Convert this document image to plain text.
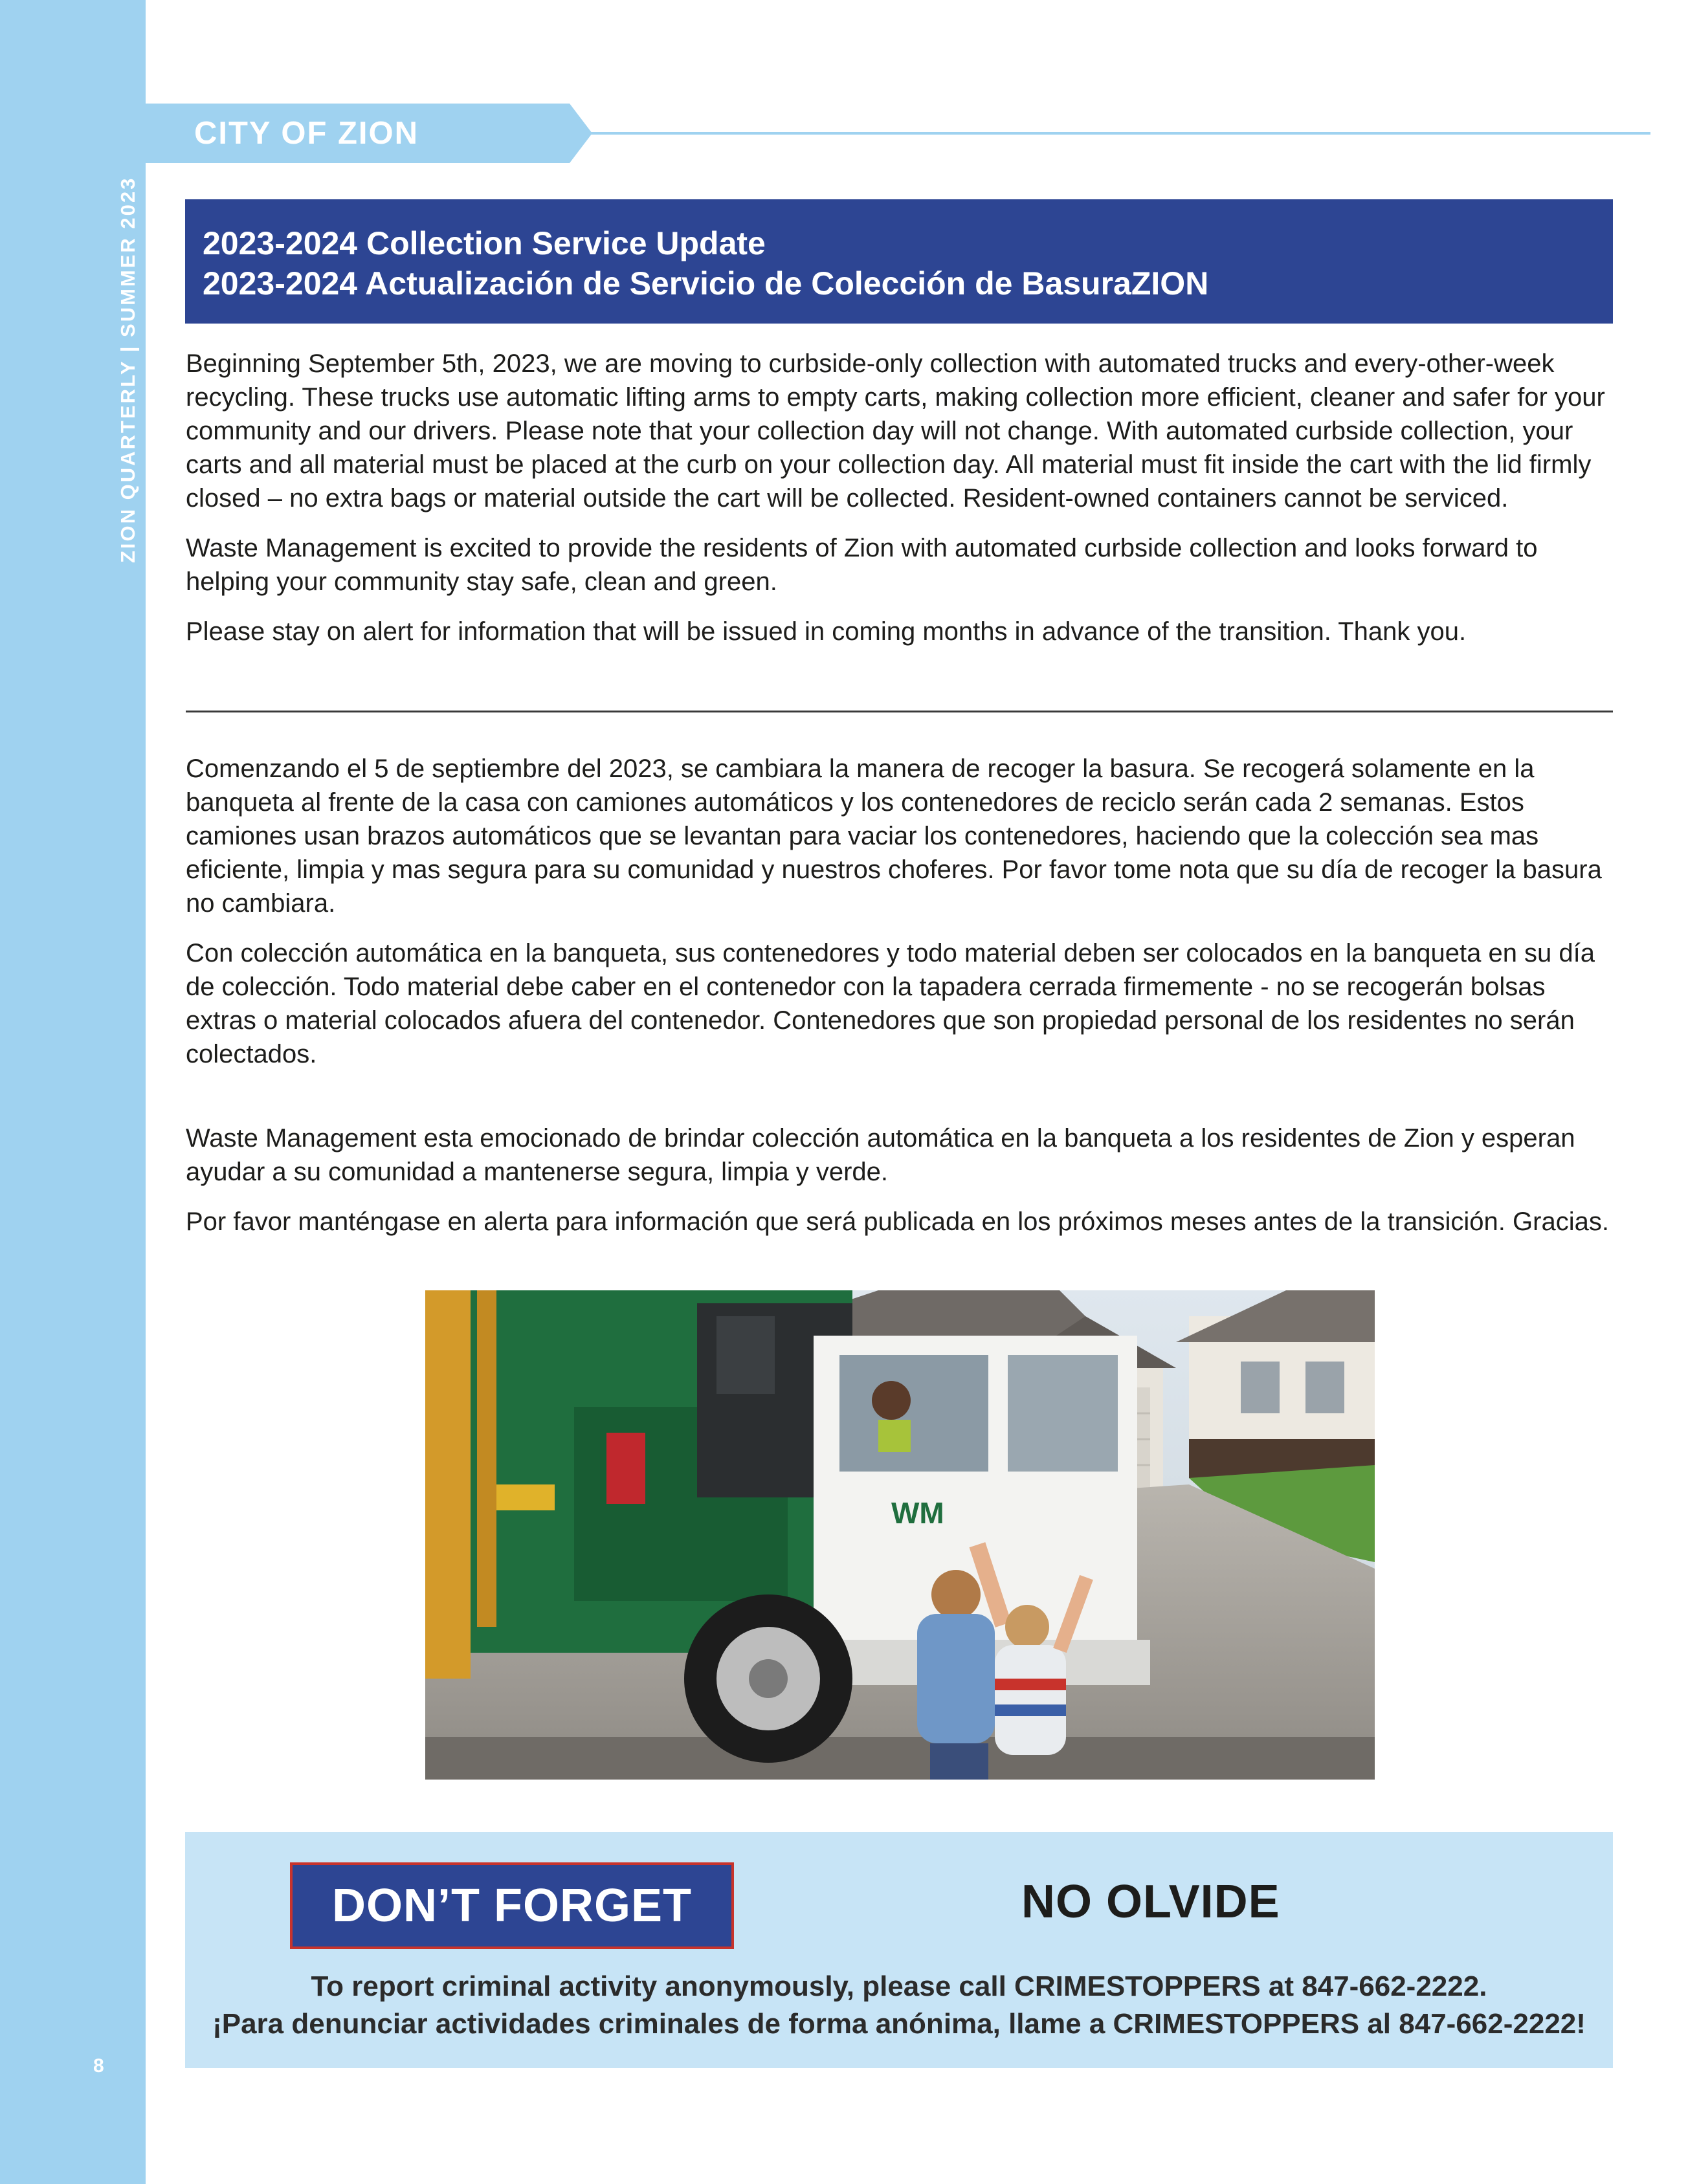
ZION QUARTERLY | SUMMER 2023
8
CITY OF ZION
2023-2024 Collection Service Update
2023-2024 Actualización de Servicio de Colección de BasuraZION

Beginning September 5th, 2023, we are moving to curbside-only collection with automated trucks and every-other-week recycling. These trucks use automatic lifting arms to empty carts, making collection more efficient, cleaner and safer for your community and our drivers. Please note that your collection day will not change. With automated curbside collection, your carts and all material must be placed at the curb on your collection day. All material must fit inside the cart with the lid firmly closed – no extra bags or material outside the cart will be collected. Resident-owned containers cannot be serviced.

Waste Management is excited to provide the residents of Zion with automated curbside collection and looks forward to helping your community stay safe, clean and green.

Please stay on alert for information that will be issued in coming months in advance of the transition. Thank you.

Comenzando el 5 de septiembre del 2023, se cambiara la manera de recoger la basura. Se recogerá solamente en la banqueta al frente de la casa con camiones automáticos y los contenedores de reciclo serán cada 2 semanas. Estos camiones usan brazos automáticos que se levantan para vaciar los contenedores, haciendo que la colección sea mas eficiente, limpia y mas segura para su comunidad y nuestros choferes. Por favor tome nota que su día de recoger la basura no cambiara.

Con colección automática en la banqueta, sus contenedores y todo material deben ser colocados en la banqueta en su día de colección. Todo material debe caber en el contenedor con la tapadera cerrada firmemente - no se recogerán bolsas extras o material colocados afuera del contenedor. Contenedores que son propiedad personal de los residentes no serán colectados.

Waste Management esta emocionado de brindar colección automática en la banqueta a los residentes de Zion y esperan ayudar a su comunidad a mantenerse segura, limpia y verde.

Por favor manténgase en alerta para información que será publicada en los próximos meses antes de la transición. Gracias.

WM
DON’T FORGET	NO OLVIDE
To report criminal activity anonymously, please call CRIMESTOPPERS at 847-662-2222.
¡Para denunciar actividades criminales de forma anónima, llame a CRIMESTOPPERS al 847-662-2222!
